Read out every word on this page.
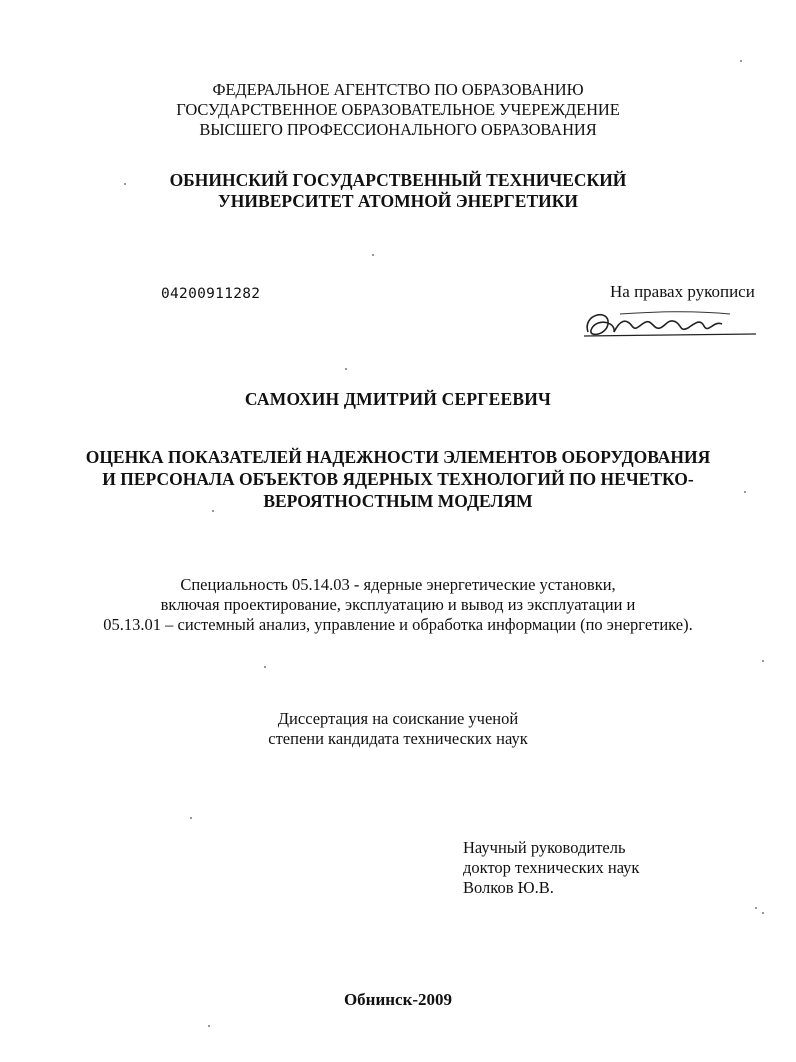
ФЕДЕРАЛЬНОЕ АГЕНТСТВО ПО ОБРАЗОВАНИЮ
ГОСУДАРСТВЕННОЕ ОБРАЗОВАТЕЛЬНОЕ УЧЕРЕЖДЕНИЕ
ВЫСШЕГО ПРОФЕССИОНАЛЬНОГО ОБРАЗОВАНИЯ
ОБНИНСКИЙ ГОСУДАРСТВЕННЫЙ ТЕХНИЧЕСКИЙ
УНИВЕРСИТЕТ АТОМНОЙ ЭНЕРГЕТИКИ
04200911282	На правах рукописи
САМОХИН ДМИТРИЙ СЕРГЕЕВИЧ
ОЦЕНКА ПОКАЗАТЕЛЕЙ НАДЕЖНОСТИ ЭЛЕМЕНТОВ ОБОРУДОВАНИЯ
И ПЕРСОНАЛА ОБЪЕКТОВ ЯДЕРНЫХ ТЕХНОЛОГИЙ ПО НЕЧЕТКО-
ВЕРОЯТНОСТНЫМ МОДЕЛЯМ
Специальность 05.14.03 - ядерные энергетические установки,
включая проектирование, эксплуатацию и вывод из эксплуатации и
05.13.01 – системный анализ, управление и обработка информации (по энергетике).
Диссертация на соискание ученой
степени кандидата технических наук
Научный руководитель
доктор технических наук
Волков Ю.В.
Обнинск-2009
